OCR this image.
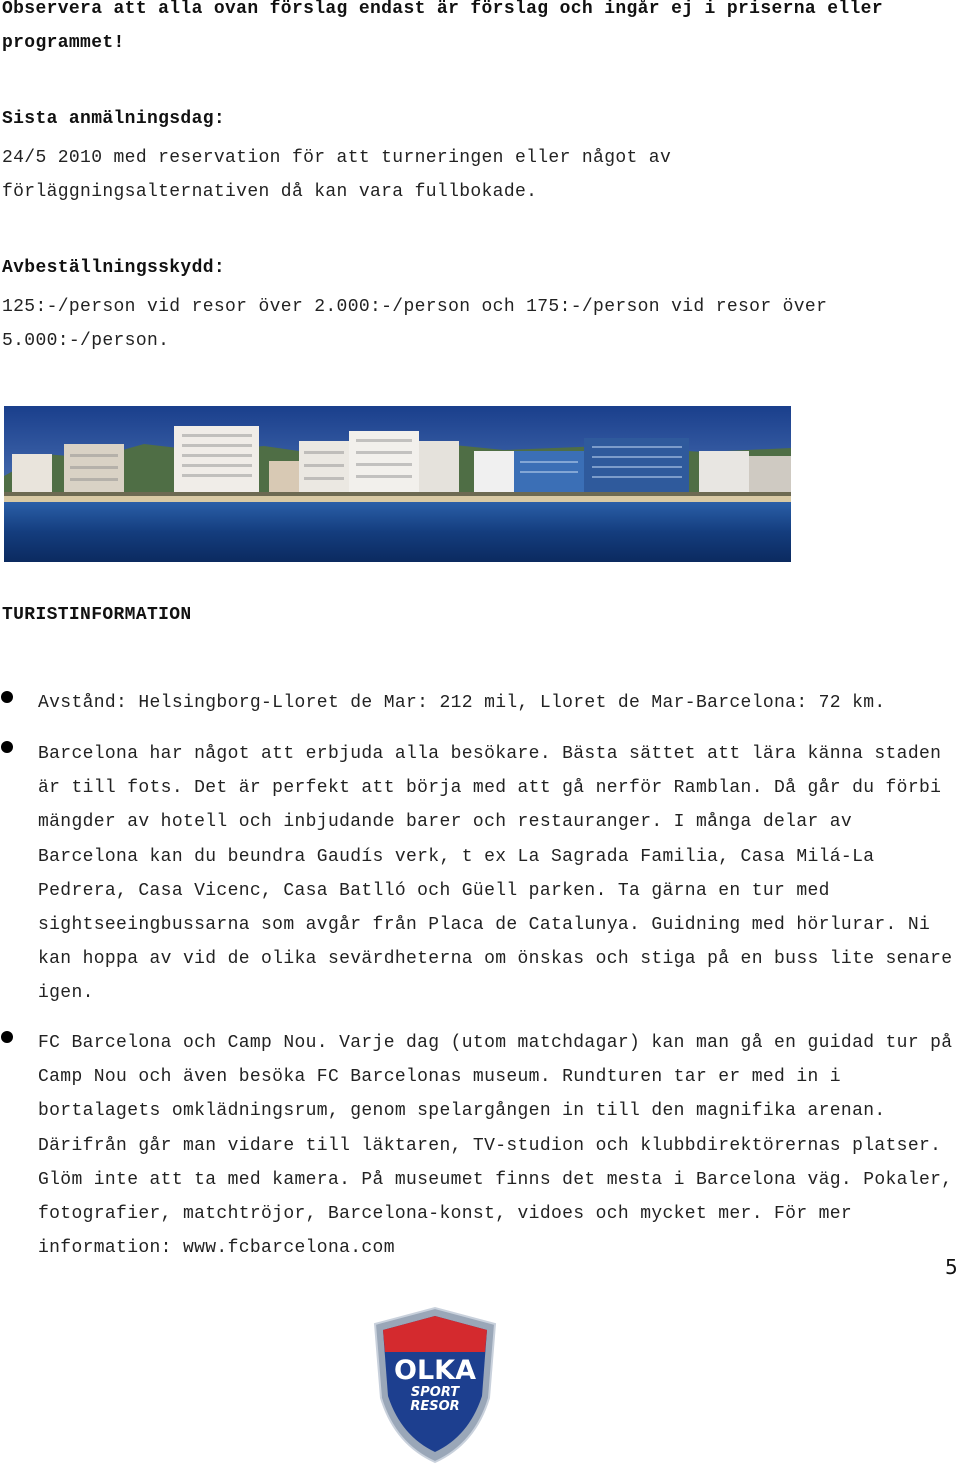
Observera att alla ovan förslag endast är förslag och ingår ej i priserna eller
programmet!
Sista anmälningsdag:
24/5 2010 med reservation för att turneringen eller något av
förläggningsalternativen då kan vara fullbokade.
Avbeställningsskydd:
125:-/person vid resor över 2.000:-/person och 175:-/person vid resor över
5.000:-/person.
TURISTINFORMATION
Avstånd: Helsingborg-Lloret de Mar: 212 mil, Lloret de Mar-Barcelona: 72 km.
Barcelona har något att erbjuda alla besökare. Bästa sättet att lära känna staden är till fots. Det är perfekt att börja med att gå nerför Ramblan. Då går du förbi mängder av hotell och inbjudande barer och restauranger. I många delar av Barcelona kan du beundra Gaudís verk, t ex La Sagrada Familia, Casa Milá-La Pedrera, Casa Vicenc, Casa Batlló och Güell parken. Ta gärna en tur med sightseeingbussarna som avgår från Placa de Catalunya. Guidning med hörlurar. Ni kan hoppa av vid de olika sevärdheterna om önskas och stiga på en buss lite senare igen.
FC Barcelona och Camp Nou. Varje dag (utom matchdagar) kan man gå en guidad tur på Camp Nou och även besöka FC Barcelonas museum. Rundturen tar er med in i bortalagets omklädningsrum, genom spelargången in till den magnifika arenan. Därifrån går man vidare till läktaren, TV-studion och klubbdirektörernas platser. Glöm inte att ta med kamera. På museumet finns det mesta i Barcelona väg. Pokaler, fotografier, matchtröjor, Barcelona-konst, vidoes och mycket mer. För mer information: www.fcbarcelona.com
5
OLKA
SPORT
RESOR
